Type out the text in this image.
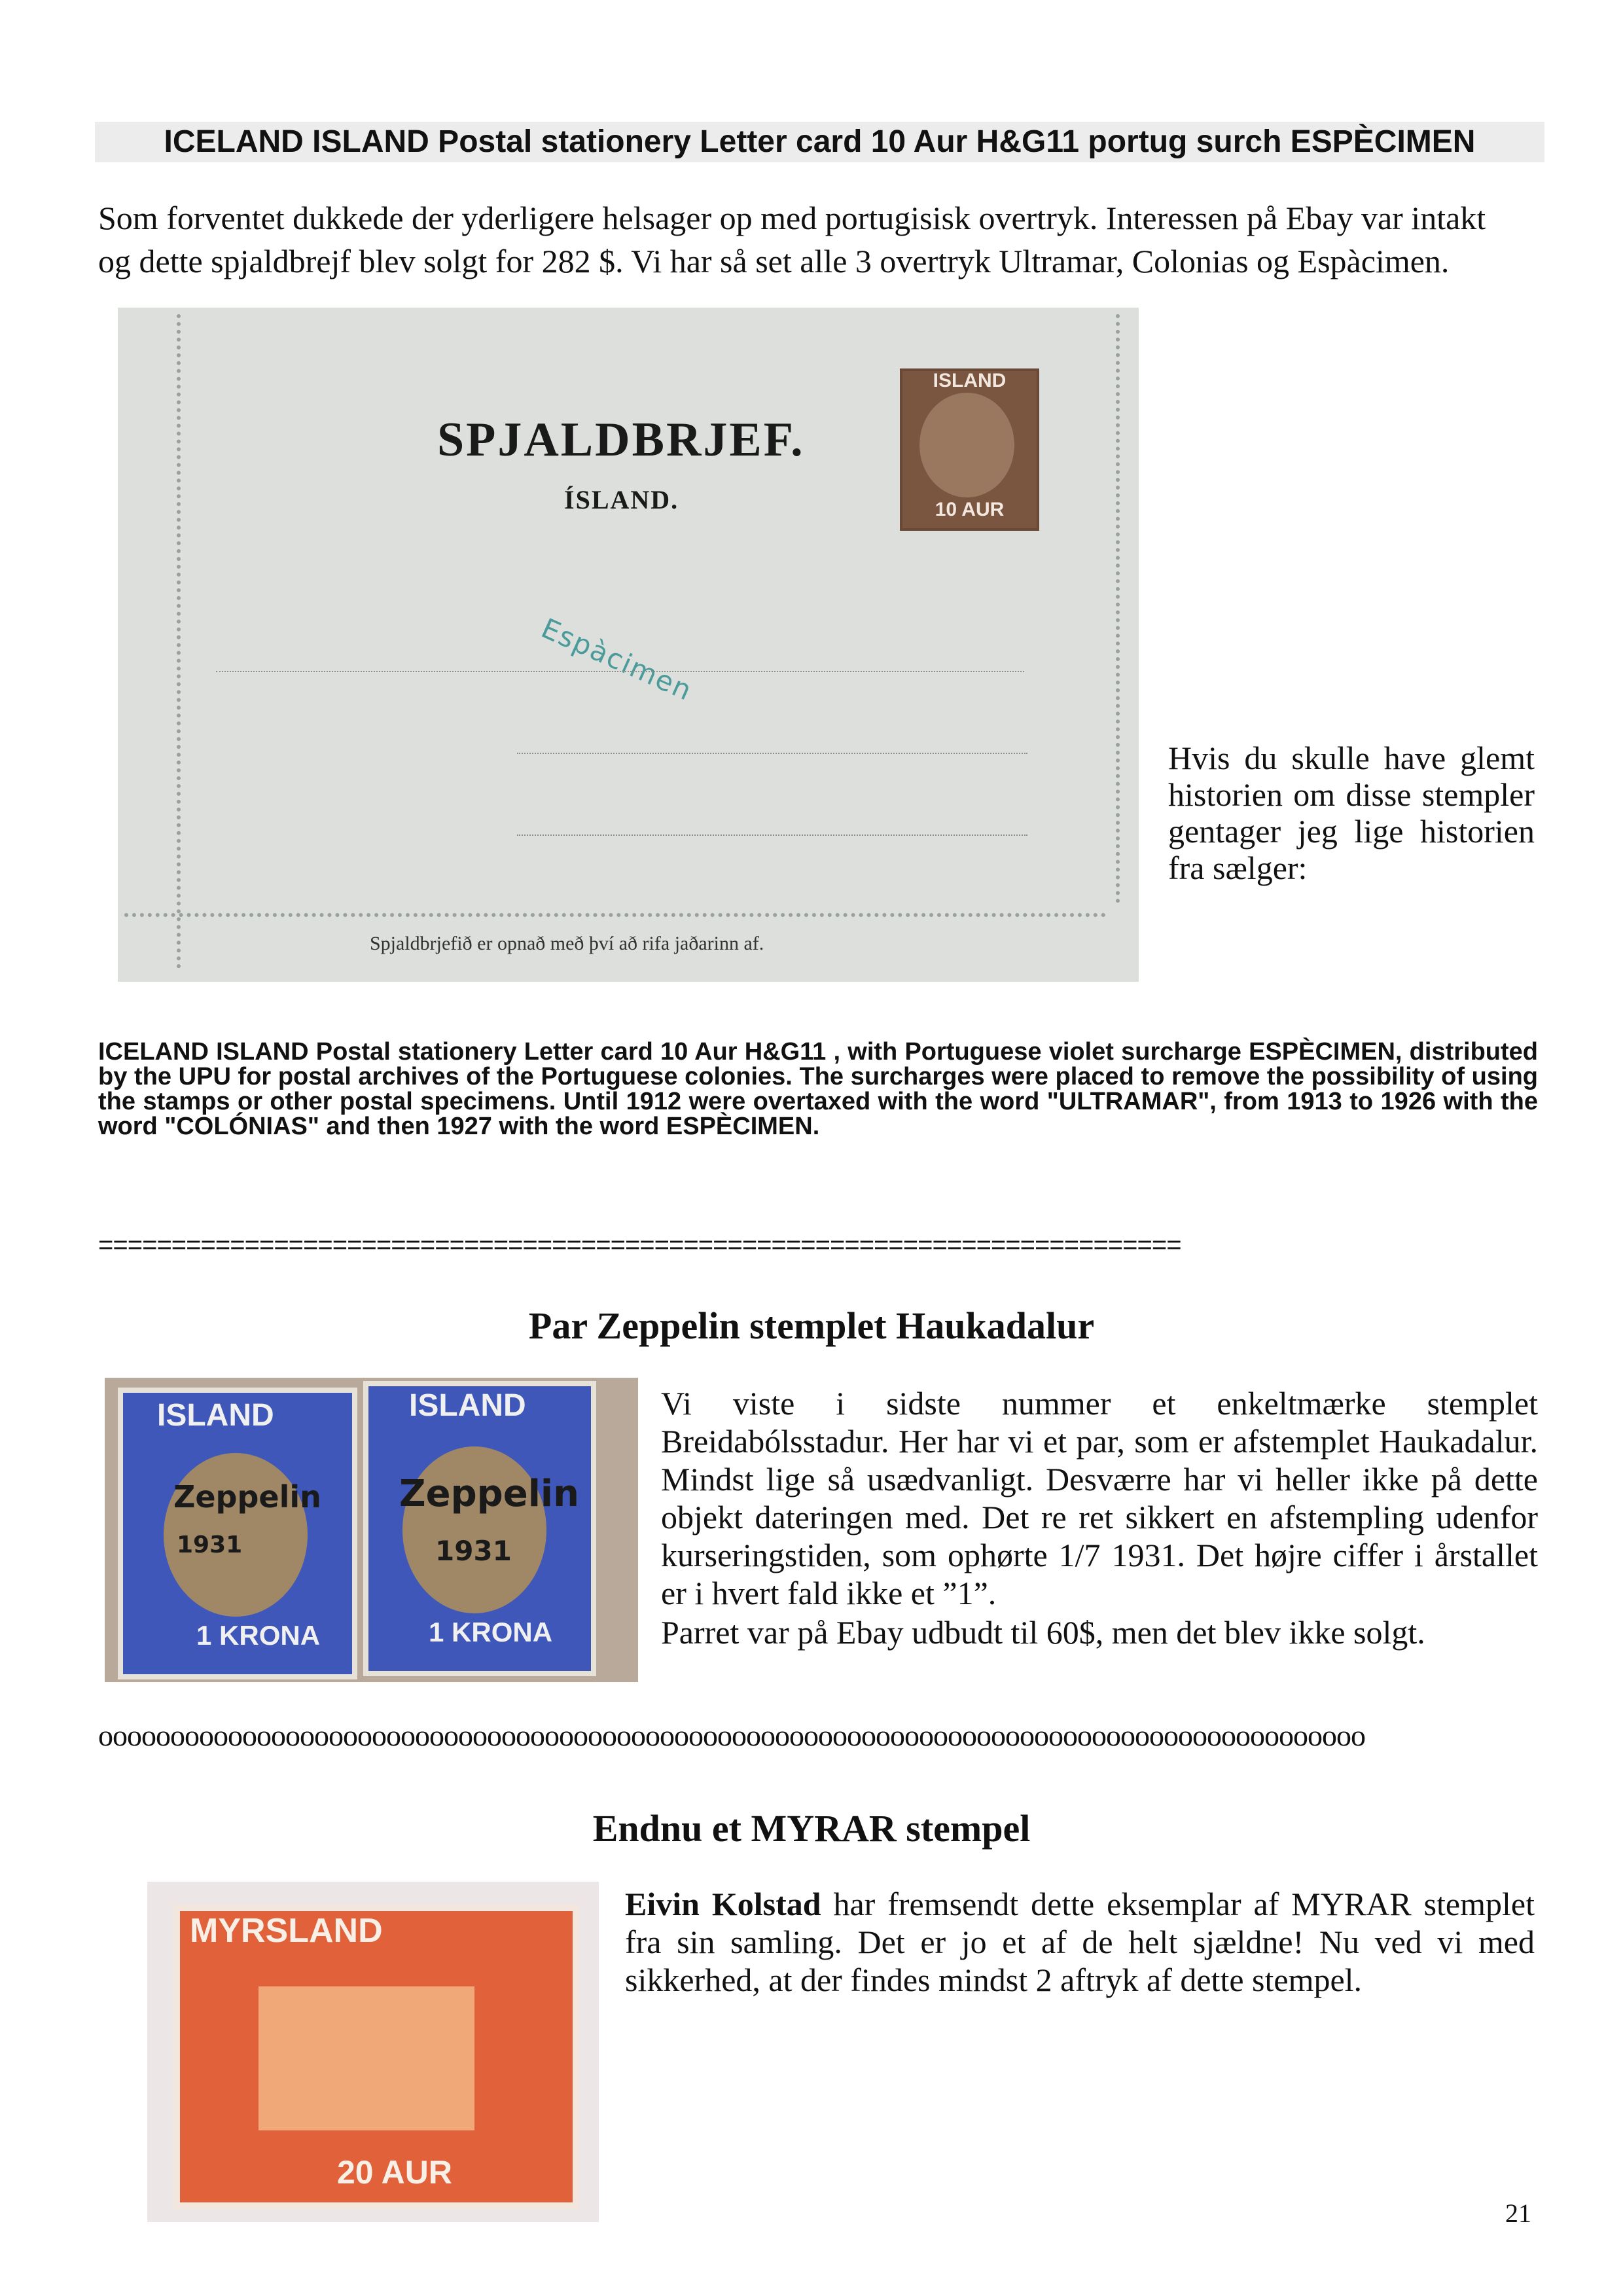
ICELAND ISLAND Postal stationery Letter card 10 Aur H&G11 portug surch ESPÈCIMEN
Som forventet dukkede der yderligere helsager op med portugisisk overtryk. Interessen på Ebay var intakt og dette spjaldbrejf blev solgt for 282 $. Vi har så set alle 3 overtryk Ultramar, Colonias og Espàcimen.
SPJALDBRJEF.
ÍSLAND.
Espàcimen
Spjaldbrjefið er opnað með því að rifa jaðarinn af.
ISLAND
10 AUR
Hvis du skulle have glemt historien om disse stempler gentager jeg lige historien fra sælger:
ICELAND ISLAND Postal stationery Letter card 10 Aur H&G11 , with Portuguese violet surcharge ESPÈCIMEN, distributed by the UPU for postal archives of the Portuguese colonies. The surcharges were placed to remove the possibility of using the stamps or other postal specimens. Until 1912 were overtaxed with the word "ULTRAMAR", from 1913 to 1926 with the word "COLÓNIAS" and then 1927 with the word ESPÈCIMEN.
==========================================================================
Par Zeppelin stemplet Haukadalur
ISLAND	ISLAND
1 KRONA	1 KRONA
Zeppelin Zeppelin
1931	1931
Vi viste i sidste nummer et enkeltmærke stemplet Breidabólsstadur. Her har vi et par, som er afstemplet Haukadalur. Mindst lige så usædvanligt. Desværre har vi heller ikke på dette objekt dateringen med. Det re ret sikkert en afstempling udenfor kurseringstiden, som ophørte 1/7 1931. Det højre ciffer i årstallet er i hvert fald ikke et ”1”.
Parret var på Ebay udbudt til 60$, men det blev ikke solgt.
oooooooooooooooooooooooooooooooooooooooooooooooooooooooooooooooooooooooooooooooooooooooo
Endnu et MYRAR stempel
MYRSLAND
20 AUR
Eivin Kolstad har fremsendt dette eksemplar af MYRAR stemplet fra sin samling. Det er jo et af de helt sjældne! Nu ved vi med sikkerhed, at der findes mindst 2 aftryk af dette stempel.
21
